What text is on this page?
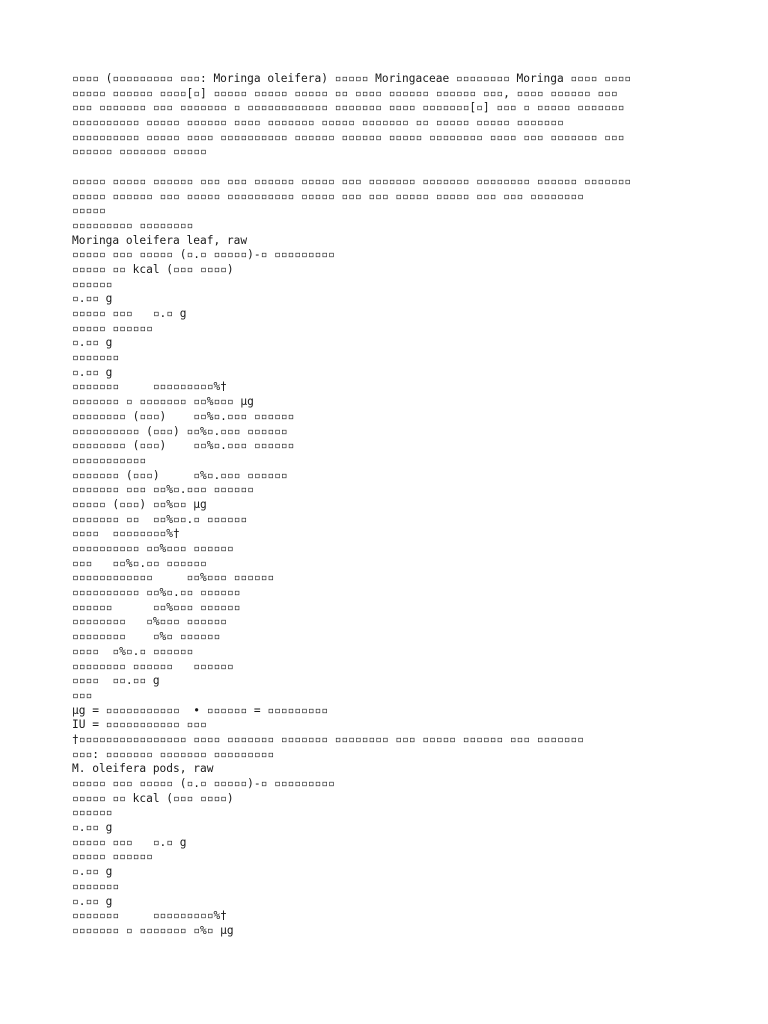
▫▫▫▫ (▫▫▫▫▫▫▫▫▫ ▫▫▫: Moringa oleifera) ▫▫▫▫▫ Moringaceae ▫▫▫▫▫▫▫▫ Moringa ▫▫▫▫ ▫▫▫▫
▫▫▫▫▫ ▫▫▫▫▫▫ ▫▫▫▫[▫] ▫▫▫▫▫ ▫▫▫▫▫ ▫▫▫▫▫ ▫▫ ▫▫▫▫ ▫▫▫▫▫▫ ▫▫▫▫▫▫ ▫▫▫, ▫▫▫▫ ▫▫▫▫▫▫ ▫▫▫
▫▫▫ ▫▫▫▫▫▫▫ ▫▫▫ ▫▫▫▫▫▫▫ ▫ ▫▫▫▫▫▫▫▫▫▫▫▫ ▫▫▫▫▫▫▫ ▫▫▫▫ ▫▫▫▫▫▫▫[▫] ▫▫▫ ▫ ▫▫▫▫▫ ▫▫▫▫▫▫▫
▫▫▫▫▫▫▫▫▫▫ ▫▫▫▫▫ ▫▫▫▫▫▫ ▫▫▫▫ ▫▫▫▫▫▫▫ ▫▫▫▫▫ ▫▫▫▫▫▫▫ ▫▫ ▫▫▫▫▫ ▫▫▫▫▫ ▫▫▫▫▫▫▫
▫▫▫▫▫▫▫▫▫▫ ▫▫▫▫▫ ▫▫▫▫ ▫▫▫▫▫▫▫▫▫▫ ▫▫▫▫▫▫ ▫▫▫▫▫▫ ▫▫▫▫▫ ▫▫▫▫▫▫▫▫ ▫▫▫▫ ▫▫▫ ▫▫▫▫▫▫▫ ▫▫▫
▫▫▫▫▫▫ ▫▫▫▫▫▫▫ ▫▫▫▫▫
▫▫▫▫▫ ▫▫▫▫▫ ▫▫▫▫▫▫ ▫▫▫ ▫▫▫ ▫▫▫▫▫▫ ▫▫▫▫▫ ▫▫▫ ▫▫▫▫▫▫▫ ▫▫▫▫▫▫▫ ▫▫▫▫▫▫▫▫ ▫▫▫▫▫▫ ▫▫▫▫▫▫▫
▫▫▫▫▫ ▫▫▫▫▫▫ ▫▫▫ ▫▫▫▫▫ ▫▫▫▫▫▫▫▫▫▫ ▫▫▫▫▫ ▫▫▫ ▫▫▫ ▫▫▫▫▫ ▫▫▫▫▫ ▫▫▫ ▫▫▫ ▫▫▫▫▫▫▫▫
▫▫▫▫▫
▫▫▫▫▫▫▫▫▫ ▫▫▫▫▫▫▫▫
Moringa oleifera leaf, raw
▫▫▫▫▫ ▫▫▫ ▫▫▫▫▫ (▫.▫ ▫▫▫▫▫)-▫ ▫▫▫▫▫▫▫▫▫
▫▫▫▫▫ ▫▫ kcal (▫▫▫ ▫▫▫▫)
▫▫▫▫▫▫
▫.▫▫ g
▫▫▫▫▫ ▫▫▫   ▫.▫ g
▫▫▫▫▫ ▫▫▫▫▫▫
▫.▫▫ g
▫▫▫▫▫▫▫
▫.▫▫ g
▫▫▫▫▫▫▫     ▫▫▫▫▫▫▫▫▫%†
▫▫▫▫▫▫▫ ▫ ▫▫▫▫▫▫▫ ▫▫%▫▫▫ μg
▫▫▫▫▫▫▫▫ (▫▫▫)    ▫▫%▫.▫▫▫ ▫▫▫▫▫▫
▫▫▫▫▫▫▫▫▫▫ (▫▫▫) ▫▫%▫.▫▫▫ ▫▫▫▫▫▫
▫▫▫▫▫▫▫▫ (▫▫▫)    ▫▫%▫.▫▫▫ ▫▫▫▫▫▫
▫▫▫▫▫▫▫▫▫▫▫
▫▫▫▫▫▫▫ (▫▫▫)     ▫%▫.▫▫▫ ▫▫▫▫▫▫
▫▫▫▫▫▫▫ ▫▫▫ ▫▫%▫.▫▫▫ ▫▫▫▫▫▫
▫▫▫▫▫ (▫▫▫) ▫▫%▫▫ μg
▫▫▫▫▫▫▫ ▫▫  ▫▫%▫▫.▫ ▫▫▫▫▫▫
▫▫▫▫  ▫▫▫▫▫▫▫▫%†
▫▫▫▫▫▫▫▫▫▫ ▫▫%▫▫▫ ▫▫▫▫▫▫
▫▫▫   ▫▫%▫.▫▫ ▫▫▫▫▫▫
▫▫▫▫▫▫▫▫▫▫▫▫     ▫▫%▫▫▫ ▫▫▫▫▫▫
▫▫▫▫▫▫▫▫▫▫ ▫▫%▫.▫▫ ▫▫▫▫▫▫
▫▫▫▫▫▫      ▫▫%▫▫▫ ▫▫▫▫▫▫
▫▫▫▫▫▫▫▫   ▫%▫▫▫ ▫▫▫▫▫▫
▫▫▫▫▫▫▫▫    ▫%▫ ▫▫▫▫▫▫
▫▫▫▫  ▫%▫.▫ ▫▫▫▫▫▫
▫▫▫▫▫▫▫▫ ▫▫▫▫▫▫   ▫▫▫▫▫▫
▫▫▫▫  ▫▫.▫▫ g
▫▫▫
μg = ▫▫▫▫▫▫▫▫▫▫▫  • ▫▫▫▫▫▫ = ▫▫▫▫▫▫▫▫▫
IU = ▫▫▫▫▫▫▫▫▫▫▫ ▫▫▫
†▫▫▫▫▫▫▫▫▫▫▫▫▫▫▫▫ ▫▫▫▫ ▫▫▫▫▫▫▫ ▫▫▫▫▫▫▫ ▫▫▫▫▫▫▫▫ ▫▫▫ ▫▫▫▫▫ ▫▫▫▫▫▫ ▫▫▫ ▫▫▫▫▫▫▫
▫▫▫: ▫▫▫▫▫▫▫ ▫▫▫▫▫▫▫ ▫▫▫▫▫▫▫▫▫
M. oleifera pods, raw
▫▫▫▫▫ ▫▫▫ ▫▫▫▫▫ (▫.▫ ▫▫▫▫▫)-▫ ▫▫▫▫▫▫▫▫▫
▫▫▫▫▫ ▫▫ kcal (▫▫▫ ▫▫▫▫)
▫▫▫▫▫▫
▫.▫▫ g
▫▫▫▫▫ ▫▫▫   ▫.▫ g
▫▫▫▫▫ ▫▫▫▫▫▫
▫.▫▫ g
▫▫▫▫▫▫▫
▫.▫▫ g
▫▫▫▫▫▫▫     ▫▫▫▫▫▫▫▫▫%†
▫▫▫▫▫▫▫ ▫ ▫▫▫▫▫▫▫ ▫%▫ μg
